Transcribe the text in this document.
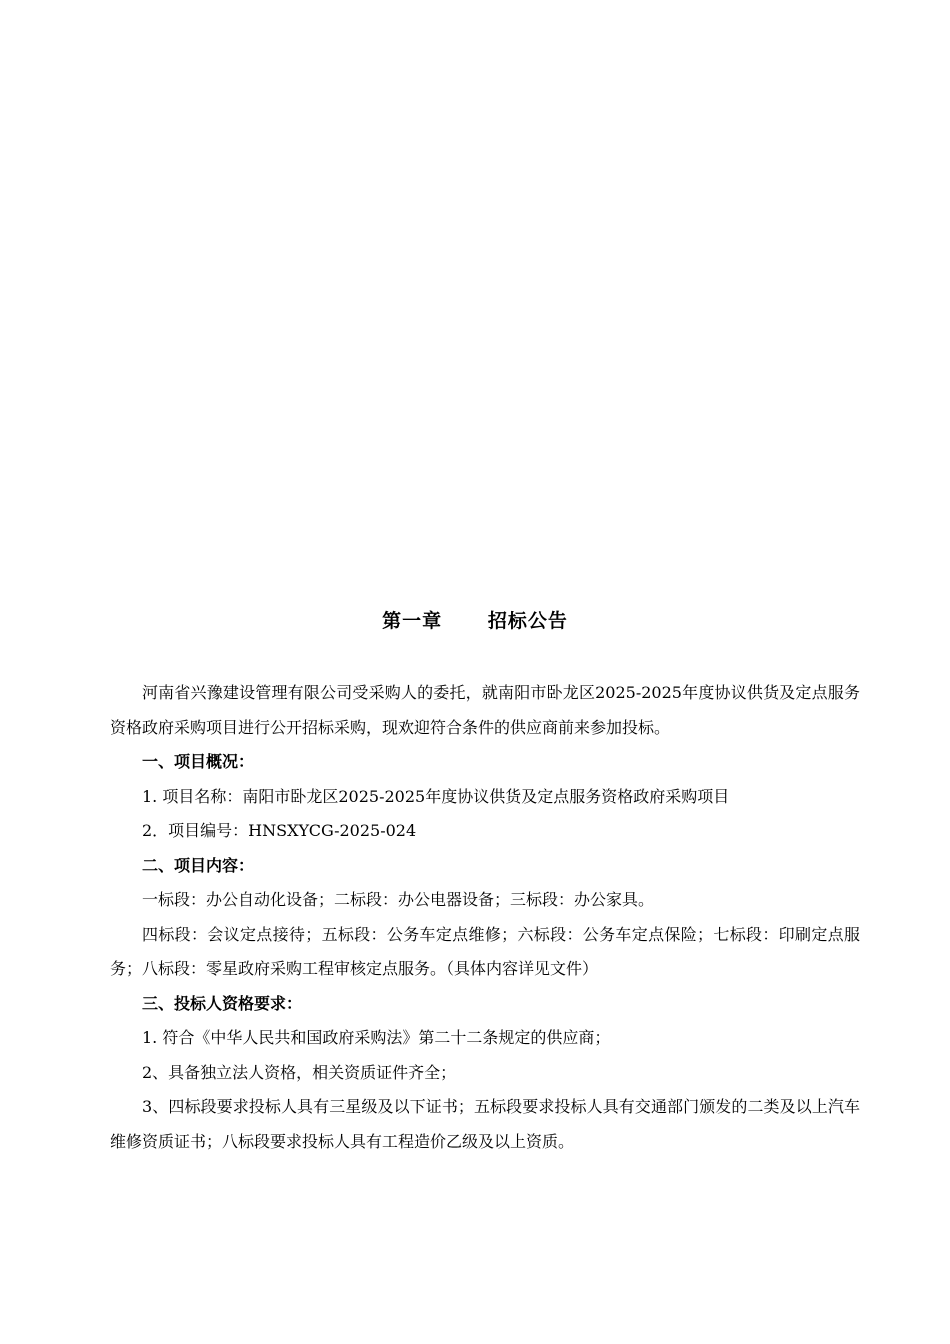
第一章      招标公告

河南省兴豫建设管理有限公司受采购人的委托，就南阳市卧龙区2025-2025年度协议供货及定点服务资格政府采购项目进行公开招标采购，现欢迎符合条件的供应商前来参加投标。

一、项目概况：

1. 项目名称：南阳市卧龙区2025-2025年度协议供货及定点服务资格政府采购项目

2．项目编号：HNSXYCG-2025-024

二、项目内容：

一标段：办公自动化设备；二标段：办公电器设备；三标段：办公家具。

四标段：会议定点接待；五标段：公务车定点维修；六标段：公务车定点保险；七标段：印刷定点服务；八标段：零星政府采购工程审核定点服务。（具体内容详见文件）

三、投标人资格要求：

1. 符合《中华人民共和国政府采购法》第二十二条规定的供应商；

2、具备独立法人资格，相关资质证件齐全；

3、四标段要求投标人具有三星级及以下证书；五标段要求投标人具有交通部门颁发的二类及以上汽车维修资质证书；八标段要求投标人具有工程造价乙级及以上资质。
